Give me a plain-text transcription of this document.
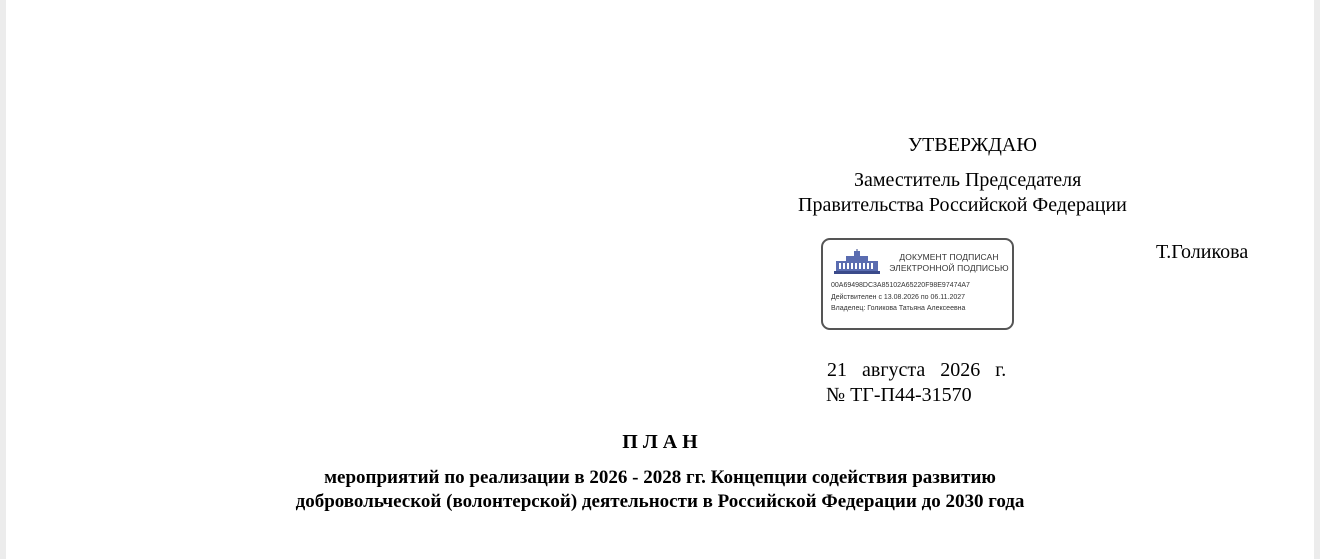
УТВЕРЖДАЮ
Заместитель Председателя
Правительства Российской Федерации
ДОКУМЕНТ ПОДПИСАН
ЭЛЕКТРОННОЙ ПОДПИСЬЮ
00A69498DC3A85102A65220F98E97474A7
Действителен с 13.08.2026 по 06.11.2027
Владелец: Голикова Татьяна Алексеевна
Т.Голикова
21   августа   2026   г.
№ ТГ-П44-31570
П Л А Н
мероприятий по реализации в 2026 - 2028 гг. Концепции содействия развитию
добровольческой (волонтерской) деятельности в Российской Федерации до 2030 года
